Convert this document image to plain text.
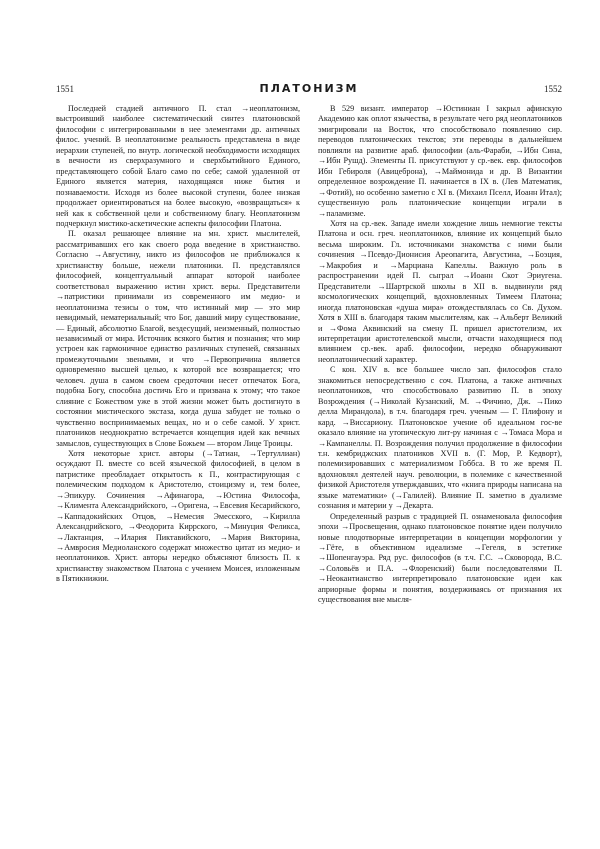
1551	ПЛАТОНИЗМ	1552

Последней стадией античного П. стал →неоплатонизм, выстроивший наиболее систематический синтез платоновской философии с интегрированными в нее элементами др. античных филос. учений. В неоплатонизме реальность представлена в виде иерархии ступеней, по внутр. логической необходимости исходящих в вечности из сверхразумного и сверхбытийного Единого, представляющего собой Благо само по себе; самой удаленной от Единого является материя, находящаяся ниже бытия и познаваемости. Исходя из более высокой ступени, более низкая продолжает ориентироваться на более высокую, «возвращаться» к ней как к собственной цели и собственному благу. Неоплатонизм подчеркнул мистико-аскетические аспекты философии Платона.

П. оказал решающее влияние на мн. христ. мыслителей, рассматривавших его как своего рода введение в христианство. Согласно →Августину, никто из философов не приближался к христианству больше, нежели платоники. П. представлялся философией, концептуальный аппарат которой наиболее соответствовал выражению истин христ. веры. Представители →патристики принимали из современного им медио- и неоплатонизма тезисы о том, что истинный мир — это мир невидимый, нематериальный; что Бог, давший миру существование, — Единый, абсолютно Благой, вездесущий, неизменный, полностью независимый от мира. Источник всякого бытия и познания; что мир устроен как гармоничное единство различных ступеней, связанных промежуточными звеньями, и что →Первопричина является одновременно высшей целью, к которой все возвращается; что человеч. душа в самом своем средоточии несет отпечаток Бога, подобна Богу, способна достичь Его и призвана к этому; что такое слияние с Божеством уже в этой жизни может быть достигнуто в состоянии мистического экстаза, когда душа забудет не только о чувственно воспринимаемых вещах, но и о себе самой. У христ. платоников неоднократно встречается концепция идей как вечных замыслов, существующих в Слове Божьем — втором Лице Троицы.

Хотя некоторые христ. авторы (→Татиан, →Тертуллиан) осуждают П. вместе со всей языческой философией, в целом в патристике преобладает открытость к П., контрастирующая с полемическим подходом к Аристотелю, стоицизму и, тем более, →Эпикуру. Сочинения →Афинагора, →Юстина Философа, →Климента Александрийского, →Оригена, →Евсевия Кесарийского, →Каппадокийских Отцов, →Немесия Эмесского, →Кирилла Александрийского, →Феодорита Киррского, →Минуция Феликса, →Лактанция, →Илария Пиктавийского, →Мария Викторина, →Амвросия Медиоланского содержат множество цитат из медио- и неоплатоников. Христ. авторы нередко объясняют близость П. к христианству знакомством Платона с учением Моисея, изложенным в Пятикнижии.

В 529 визант. император →Юстиниан I закрыл афинскую Академию как оплот язычества, в результате чего ряд неоплатоников эмигрировали на Восток, что способствовало появлению сир. переводов платонических текстов; эти переводы в дальнейшем повлияли на развитие араб. философии (аль-Фараби, →Ибн Сина, →Ибн Рушд). Элементы П. присутствуют у ср.-век. евр. философов Ибн Гебироля (Авицеброна), →Маймонида и др. В Византии определенное возрождение П. начинается в IX в. (Лев Математик, →Фотий), но особенно заметно с XI в. (Михаил Пселл, Иоанн Итал); существенную роль платонические концепции играли в →паламизме.

Хотя на ср.-век. Западе имели хождение лишь немногие тексты Платона и осн. греч. неоплатоников, влияние их концепций было весьма широким. Гл. источниками знакомства с ними были сочинения →Псевдо-Дионисия Ареопагита, Августина, →Боэция, →Макробия и →Марциана Капеллы. Важную роль в распространении идей П. сыграл →Иоанн Скот Эриугена. Представители →Шартрской школы в XII в. выдвинули ряд космологических концепций, вдохновленных Тимеем Платона; иногда платоновская «душа мира» отождествлялась со Св. Духом. Хотя в XIII в. благодаря таким мыслителям, как →Альберт Великий и →Фома Аквинский на смену П. пришел аристотелизм, их интерпретации аристотелевской мысли, отчасти находящиеся под влиянием ср.-век. араб. философии, нередко обнаруживают неоплатонический характер.

С кон. XIV в. все большее число зап. философов стало знакомиться непосредственно с соч. Платона, а также античных неоплатоников, что способствовало развитию П. в эпоху Возрождения (→Николай Кузанский, М. →Фичино, Дж. →Пико делла Мирандола), в т.ч. благодаря греч. ученым — Г. Плифону и кард. →Виссариону. Платоновское учение об идеальном гос-ве оказало влияние на утопическую лит-ру начиная с →Томаса Мора и →Кампанеллы. П. Возрождения получил продолжение в философии т.н. кембриджских платоников XVII в. (Г. Мор, Р. Кедворт), полемизировавших с материализмом Гоббса. В то же время П. вдохновлял деятелей науч. революции, в полемике с качественной физикой Аристотеля утверждавших, что «книга природы написана на языке математики» (→Галилей). Влияние П. заметно в дуализме сознания и материи у →Декарта.

Определенный разрыв с традицией П. ознаменовала философия эпохи →Просвещения, однако платоновское понятие идеи получило новые плодотворные интерпретации в концепции морфологии у →Гёте, в объективном идеализме →Гегеля, в эстетике →Шопенгауэра. Ряд рус. философов (в т.ч. Г.С. →Сковорода, В.С. →Соловьёв и П.А. →Флоренский) были последователями П. →Неокантианство интерпретировало платоновские идеи как априорные формы и понятия, воздерживаясь от признания их существования вне мысля-
